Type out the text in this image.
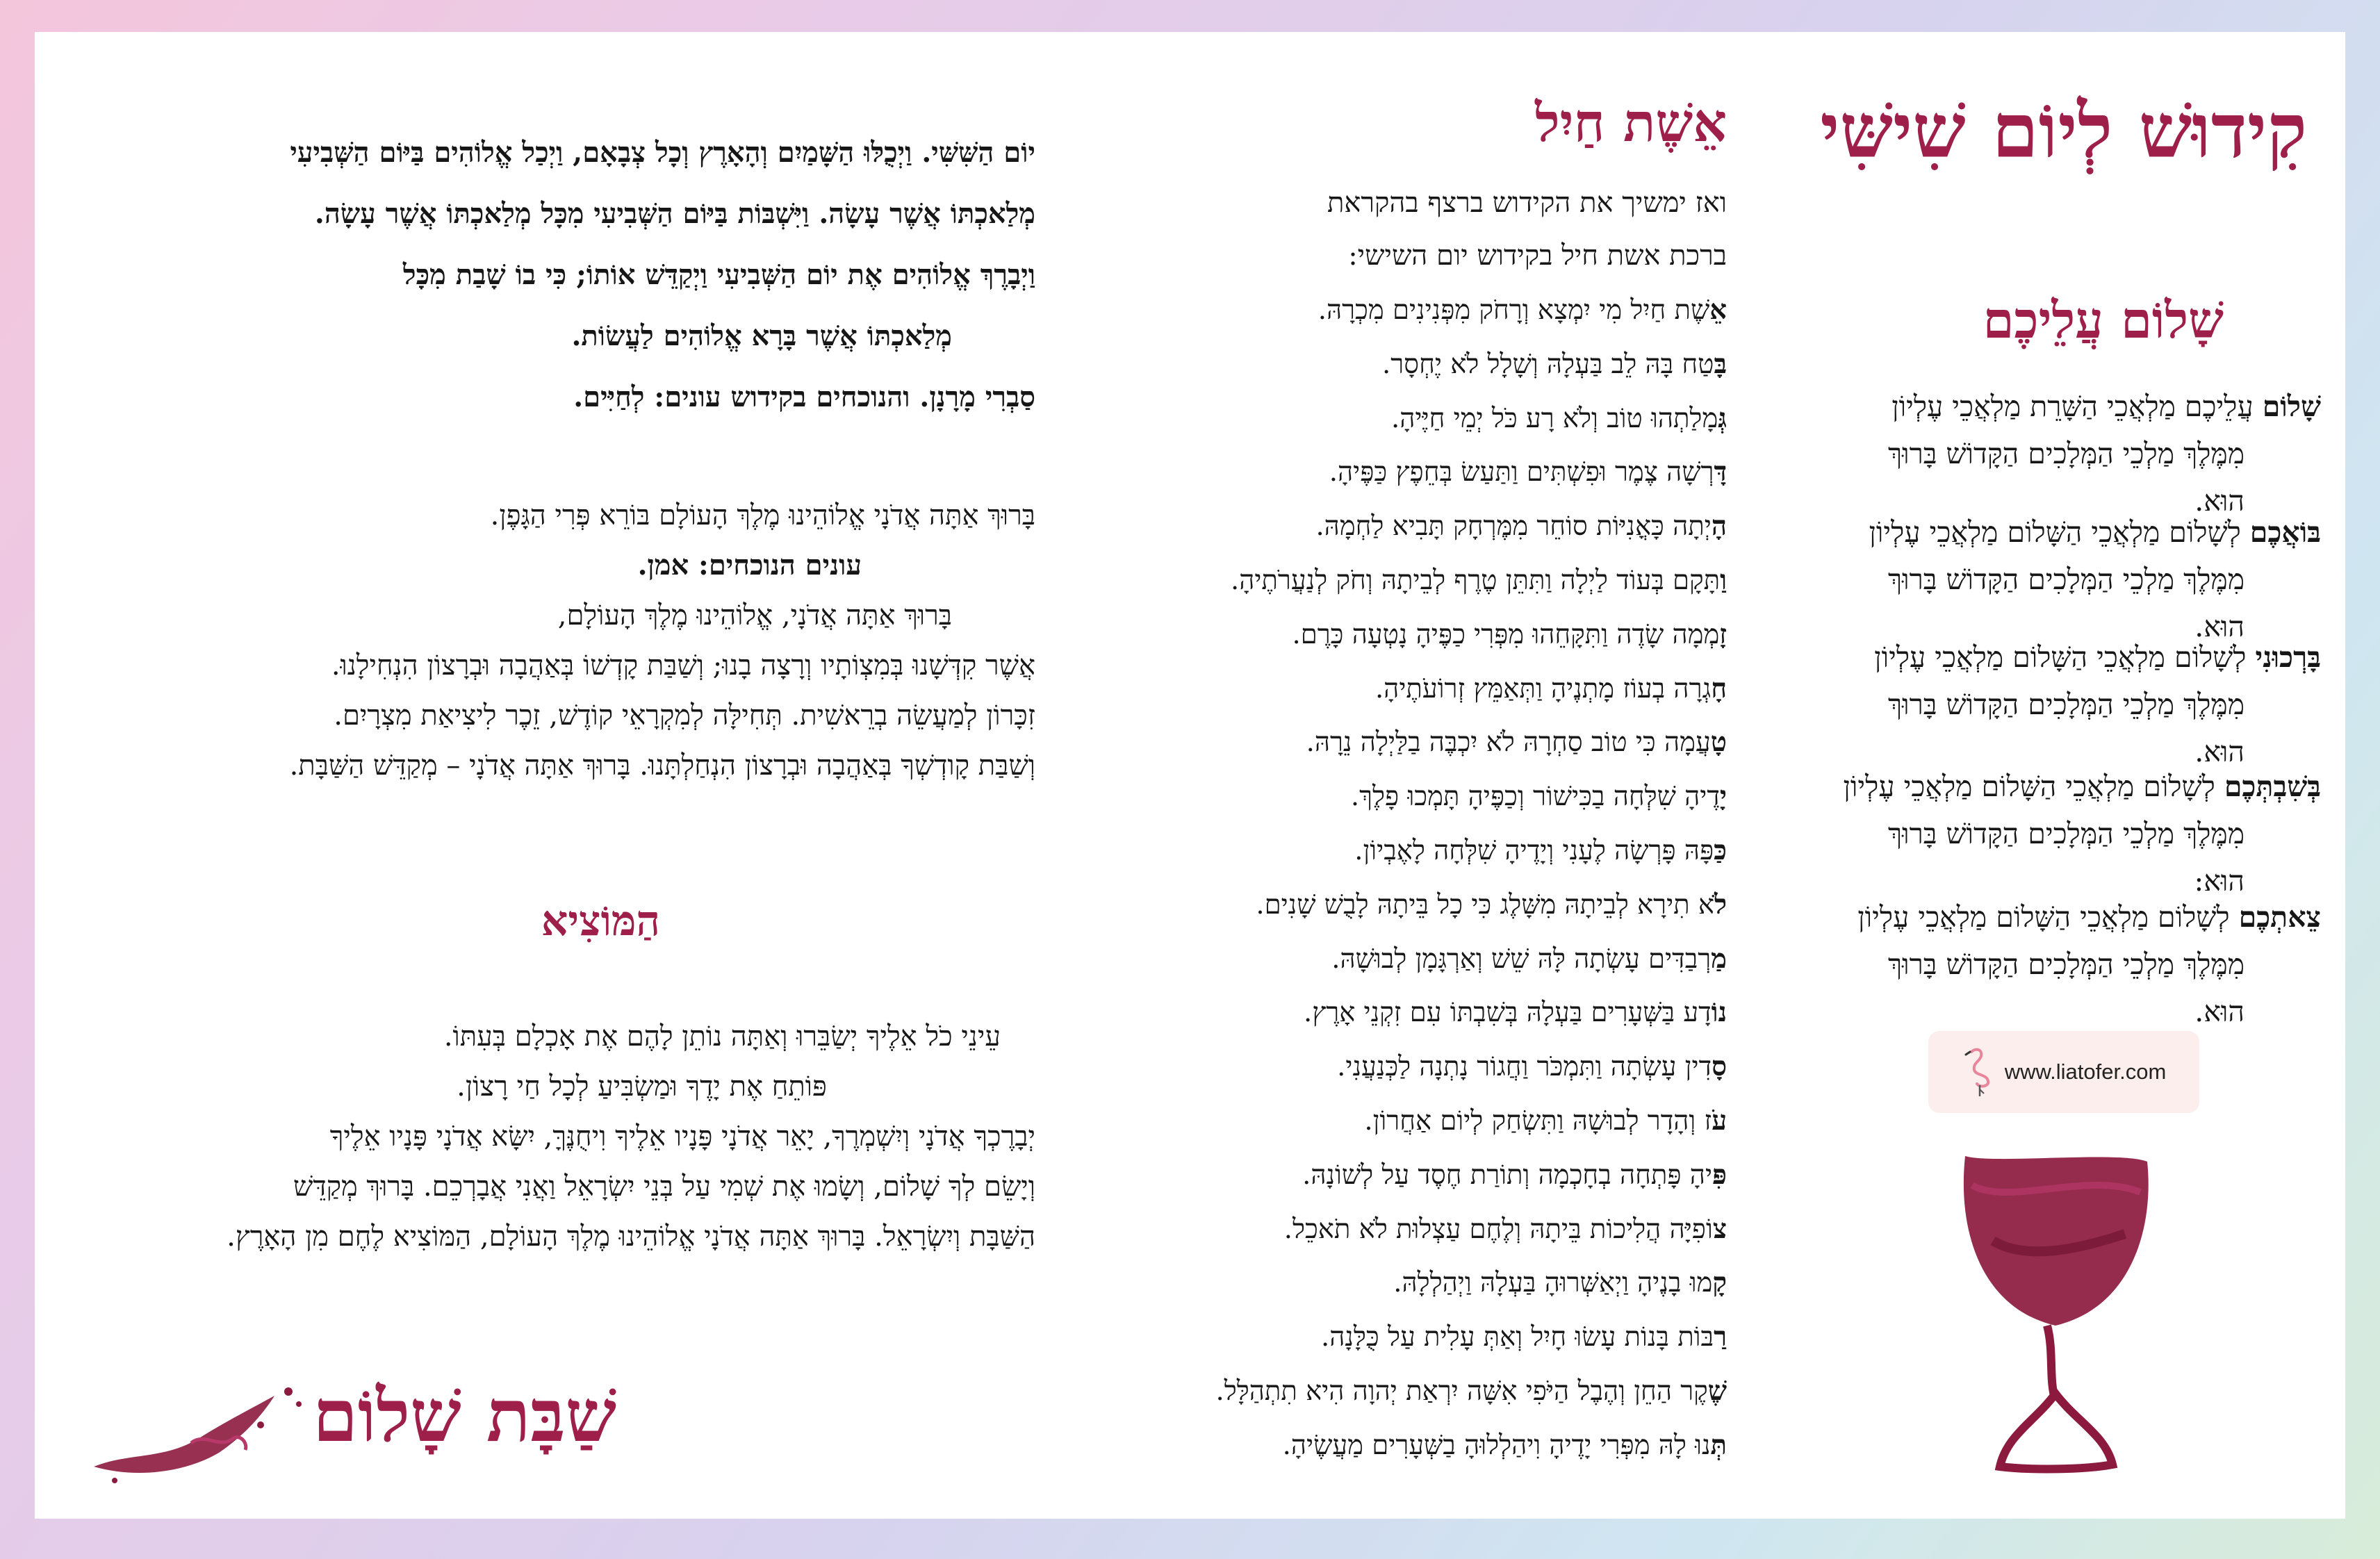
קִידוּשׁ לְיוֹם שִׁישִּׁי
שָׁלוֹם עֲלֵיכֶם
שָׁלוֹם עֲלֵיכֶם מַלְאֲכֵי הַשָּׁרֵת מַלְאֲכֵי עֶלְיוֹן
מִמֶּלֶךְ מַלְכֵי הַמְּלָכִים הַקָּדוֹשׁ בָּרוּךְ הוּא.
בּוֹאֲכֶם לְשָׁלוֹם מַלְאֲכֵי הַשָּׁלוֹם מַלְאֲכֵי עֶלְיוֹן
מִמֶּלֶךְ מַלְכֵי הַמְּלָכִים הַקָּדוֹשׁ בָּרוּךְ הוּא.
בָּרְכוּנִי לְשָׁלוֹם מַלְאֲכֵי הַשָּׁלוֹם מַלְאֲכֵי עֶלְיוֹן
מִמֶּלֶךְ מַלְכֵי הַמְּלָכִים הַקָּדוֹשׁ בָּרוּךְ הוּא.
בְּשִׁבְתְּכֶם לְשָׁלוֹם מַלְאֲכֵי הַשָּׁלוֹם מַלְאֲכֵי עֶלְיוֹן
מִמֶּלֶךְ מַלְכֵי הַמְּלָכִים הַקָּדוֹשׁ בָּרוּךְ הוּא:
צֵאתְכֶם לְשָׁלוֹם מַלְאֲכֵי הַשָּׁלוֹם מַלְאֲכֵי עֶלְיוֹן
מִמֶּלֶךְ מַלְכֵי הַמְּלָכִים הַקָּדוֹשׁ בָּרוּךְ הוּא.
www.liatofer.com
אֵשֶׁת חַיִל
ואז ימשיך את הקידוש ברצף בהקראת
ברכת אשת חיל בקידוש יום השישי:
אֵשֶׁת חַיִל מִי יִמְצָא וְרָחֹק מִפְּנִינִים מִכְרָהּ.
בָּטַח בָּהּ לֵב בַּעְלָהּ וְשָׁלָל לֹא יֶחְסָר.
גְּמָלַתְהוּ טוֹב וְלֹא רָע כֹּל יְמֵי חַיֶּיהָ.
דָּרְשָׁה צֶמֶר וּפִשְׁתִּים וַתַּעַשׂ בְּחֵפֶץ כַּפֶּיהָ.
הָיְתָה כָּאֳנִיּוֹת סוֹחֵר מִמֶּרְחָק תָּבִיא לַחְמָהּ.
וַתָּקָם בְּעוֹד לַיְלָה וַתִּתֵּן טֶרֶף לְבֵיתָהּ וְחֹק לְנַעֲרֹתֶיהָ.
זָמְמָה שָׂדֶה וַתִּקָּחֵהוּ מִפְּרִי כַפֶּיהָ נָטְעָה כָּרֶם.
חָגְרָה בְעוֹז מָתְנֶיהָ וַתְּאַמֵּץ זְרוֹעֹתֶיהָ.
טָעֲמָה כִּי טוֹב סַחְרָהּ לֹא יִכְבֶּה בַלַּיְלָה נֵרָהּ.
יָדֶיהָ שִׁלְּחָה בַכִּישׁוֹר וְכַפֶּיהָ תָּמְכוּ פָלֶךְ.
כַּפָּהּ פָּרְשָׂה לֶעָנִי וְיָדֶיהָ שִׁלְּחָה לָאֶבְיוֹן.
לֹא תִירָא לְבֵיתָהּ מִשָּׁלֶג כִּי כָל בֵּיתָהּ לָבֻשׁ שָׁנִים.
מַרְבַדִּים עָשְׂתָה לָּהּ שֵׁשׁ וְאַרְגָּמָן לְבוּשָׁהּ.
נוֹדָע בַּשְּׁעָרִים בַּעְלָהּ בְּשִׁבְתּוֹ עִם זִקְנֵי אָרֶץ.
סָדִין עָשְׂתָה וַתִּמְכֹּר וַחֲגוֹר נָתְנָה לַכְּנַעֲנִי.
עֹז וְהָדָר לְבוּשָׁהּ וַתִּשְׂחַק לְיוֹם אַחֲרוֹן.
פִּיהָ פָּתְחָה בְחָכְמָה וְתוֹרַת חֶסֶד עַל לְשׁוֹנָהּ.
צוֹפִיָּה הֲלִיכוֹת בֵּיתָהּ וְלֶחֶם עַצְלוּת לֹא תֹאכֵל.
קָמוּ בָנֶיהָ וַיְאַשְּׁרוּהָ בַּעְלָהּ וַיְהַלְלָהּ.
רַבּוֹת בָּנוֹת עָשׂוּ חָיִל וְאַתְּ עָלִית עַל כֻּלָּנָה.
שֶׁקֶר הַחֵן וְהֶבֶל הַיֹּפִי אִשָּׁה יִרְאַת יְהוָה הִיא תִתְהַלָּל.
תְּנוּ לָהּ מִפְּרִי יָדֶיהָ וִיהַלְלוּהָ בַשְּׁעָרִים מַעֲשֶׂיהָ.
יוֹם הַשִּׁשִּׁי. וַיְכֻלּוּ הַשָּׁמַיִם וְהָאָרֶץ וְכָל צְבָאָם, וַיְכַל אֱלוֹהִים בַּיּוֹם הַשְּׁבִיעִי
מְלַאכְתּוֹ אֲשֶׁר עָשָׂה. וַיִּשְׁבּוֹת בַּיּוֹם הַשְּׁבִיעִי מִכָּל מְלַאכְתּוֹ אֲשֶׁר עָשָׂה.
וַיְבָרֶךְ אֱלוֹהִים אֶת יוֹם הַשְּׁבִיעִי וַיְקַדֵּשׁ אוֹתוֹ; כִּי בוֹ שָׁבַת מִכָּל
מְלַאכְתּוֹ אֲשֶׁר בָּרָא אֱלוֹהִים לַעֲשׂוֹת.
סַבְרִי מָרָנָן. והנוכחים בקידוש עונים: לְחַיִּים.
בָּרוּךְ אַתָּה אֲדֹנָי אֱלוֹהֵינוּ מֶלֶךְ הָעוֹלָם בּוֹרֵא פְּרִי הַגָּפֶן.
עונים הנוכחים: אמן.
בָּרוּךְ אַתָּה אֲדֹנָי, אֱלוֹהֵינוּ מֶלֶךְ הָעוֹלָם,
אֲשֶׁר קִדְּשָׁנוּ בְּמִצְוֹתָיו וְרָצָה בָנוּ; וְשַׁבַּת קָדְשׁוֹ בְּאַהֲבָה וּבְרָצוֹן הִנְחִילָנוּ.
זִכָּרוֹן לְמַעֲשֵׂה בְרֵאשִׁית. תְּחִילָּה לְמִקְרָאֵי קוֹדֶשׁ, זֵכֶר לִיצִיאַת מִצְרָיִם.
וְשַׁבַּת קָודְשְׁךָ בְּאַהֲבָה וּבְרָצוֹן הִנְחַלְתָּנוּ. בָּרוּךְ אַתָּה אֲדֹנָי – מְקַדֵּשׁ הַשַּׁבָּת.
הַמּוֹצִיא
עֵינֵי כֹל אֵלֶיךָ יְשַׂבֵּרוּ וְאַתָּה נוֹתֵן לָהֶם אֶת אָכְלָם בְּעִתּוֹ.
פּוֹתֵחַ אֶת יָדֶךָ וּמַשְׂבִּיעַ לְכָל חַי רָצוֹן.
יְבָרֶכְךָ אֲדֹנָי וְיִשְׁמְרֶךָ, יָאֵר אֲדֹנָי פָּנָיו אֵלֶיךָ וִיחֻנֶּךָּ, יִשָּׂא אֲדֹנָי פָּנָיו אֵלֶיךָ
וְיָשֵׂם לְךָ שָׁלוֹם, וְשָׂמוּ אֶת שְׁמִי עַל בְּנֵי יִשְׂרָאֵל וַאֲנִי אֲבָרְכֵם. בָּרוּךְ מְקַדֵּשׁ
הַשַּׁבָּת וְיִשְׂרָאֵל. בָּרוּךְ אַתָּה אֲדֹנָי אֱלוֹהֵינוּ מֶלֶךְ הָעוֹלָם, הַמּוֹצִיא לֶחֶם מִן הָאָרֶץ.
שַׁבָּת שָׁלוֹם
